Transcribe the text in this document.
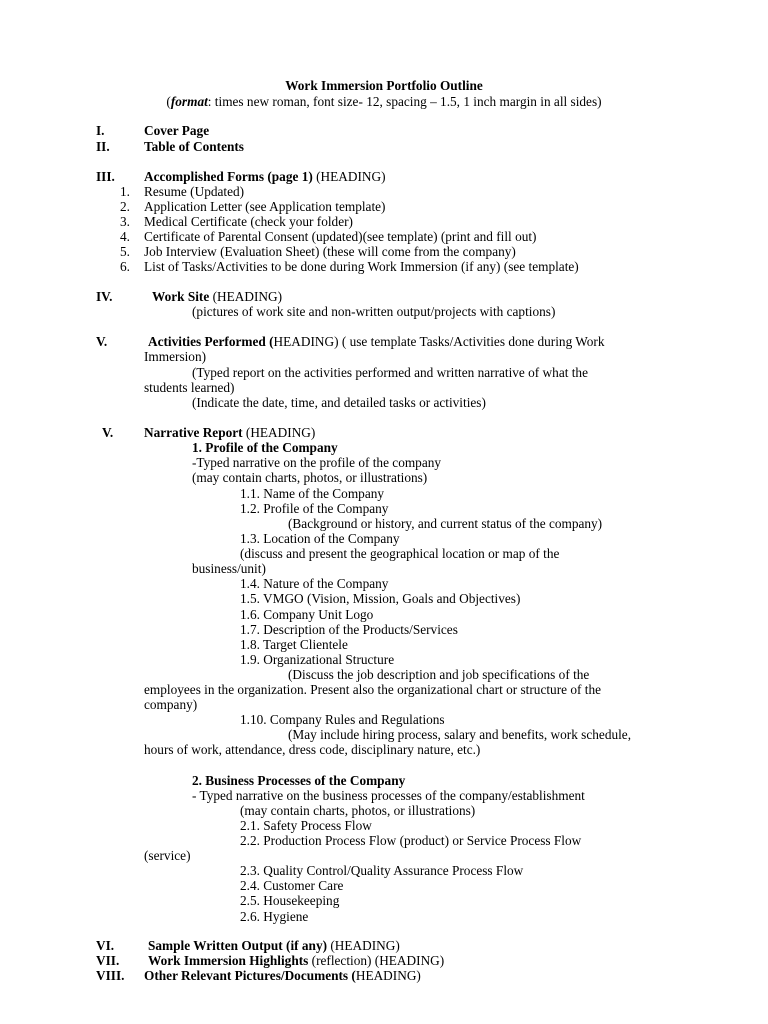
Work Immersion Portfolio Outline
(format: times new roman, font size- 12, spacing – 1.5, 1 inch margin in all sides)
I.	Cover Page
II.	Table of Contents
III. Accomplished Forms (page 1) (HEADING)
1. Resume (Updated)
2. Application Letter (see Application template)
3. Medical Certificate (check your folder)
4. Certificate of Parental Consent (updated)(see template) (print and fill out)
5. Job Interview (Evaluation Sheet) (these will come from the company)
6. List of Tasks/Activities to be done during Work Immersion (if any) (see template)
IV.	Work Site (HEADING)
(pictures of work site and non-written output/projects with captions)
V.	Activities Performed (HEADING) ( use template Tasks/Activities done during Work
Immersion)
(Typed report on the activities performed and written narrative of what the
students learned)
(Indicate the date, time, and detailed tasks or activities)
V. Narrative Report (HEADING)
1. Profile of the Company
-Typed narrative on the profile of the company
(may contain charts, photos, or illustrations)
1.1. Name of the Company
1.2. Profile of the Company
(Background or history, and current status of the company)
1.3. Location of the Company
(discuss and present the geographical location or map of the
business/unit)
1.4. Nature of the Company
1.5. VMGO (Vision, Mission, Goals and Objectives)
1.6. Company Unit Logo
1.7. Description of the Products/Services
1.8. Target Clientele
1.9. Organizational Structure
(Discuss the job description and job specifications of the
employees in the organization. Present also the organizational chart or structure of the
company)
1.10. Company Rules and Regulations
(May include hiring process, salary and benefits, work schedule,
hours of work, attendance, dress code, disciplinary nature, etc.)
2. Business Processes of the Company
- Typed narrative on the business processes of the company/establishment
(may contain charts, photos, or illustrations)
2.1. Safety Process Flow
2.2. Production Process Flow (product) or Service Process Flow
(service)
2.3. Quality Control/Quality Assurance Process Flow
2.4. Customer Care
2.5. Housekeeping
2.6. Hygiene
VI.	Sample Written Output (if any) (HEADING)
VII. Work Immersion Highlights (reflection) (HEADING)
VIII. Other Relevant Pictures/Documents (HEADING)
